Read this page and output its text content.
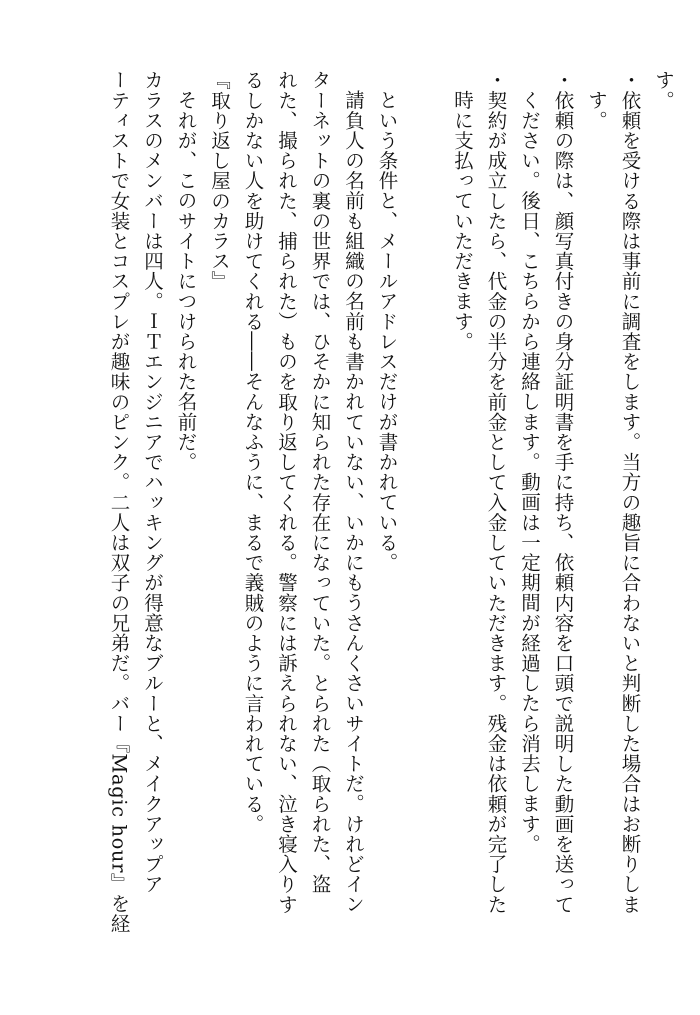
す。
・依頼を受ける際は事前に調査をします。当方の趣旨に合わないと判断した場合はお断りしま
す。
・依頼の際は、顔写真付きの身分証明書を手に持ち、依頼内容を口頭で説明した動画を送って
ください。後日、こちらから連絡します。動画は一定期間が経過したら消去します。
・契約が成立したら、代金の半分を前金として入金していただきます。残金は依頼が完了した
時に支払っていただきます。
という条件と、メールアドレスだけが書かれている。
請負人の名前も組織の名前も書かれていない、いかにもうさんくさいサイトだ。けれどイン
ターネットの裏の世界では、ひそかに知られた存在になっていた。とられた（取られた、盗
れた、撮られた、捕られた）ものを取り返してくれる。警察には訴えられない、泣き寝入りす
るしかない人を助けてくれる――そんなふうに、まるで義賊のように言われている。
『取り返し屋のカラス』
それが、このサイトにつけられた名前だ。
カラスのメンバーは四人。ＩＴエンジニアでハッキングが得意なブルーと、メイクアップア
ーティストで女装とコスプレが趣味のピンク。二人は双子の兄弟だ。バー『Magic hour』を経
